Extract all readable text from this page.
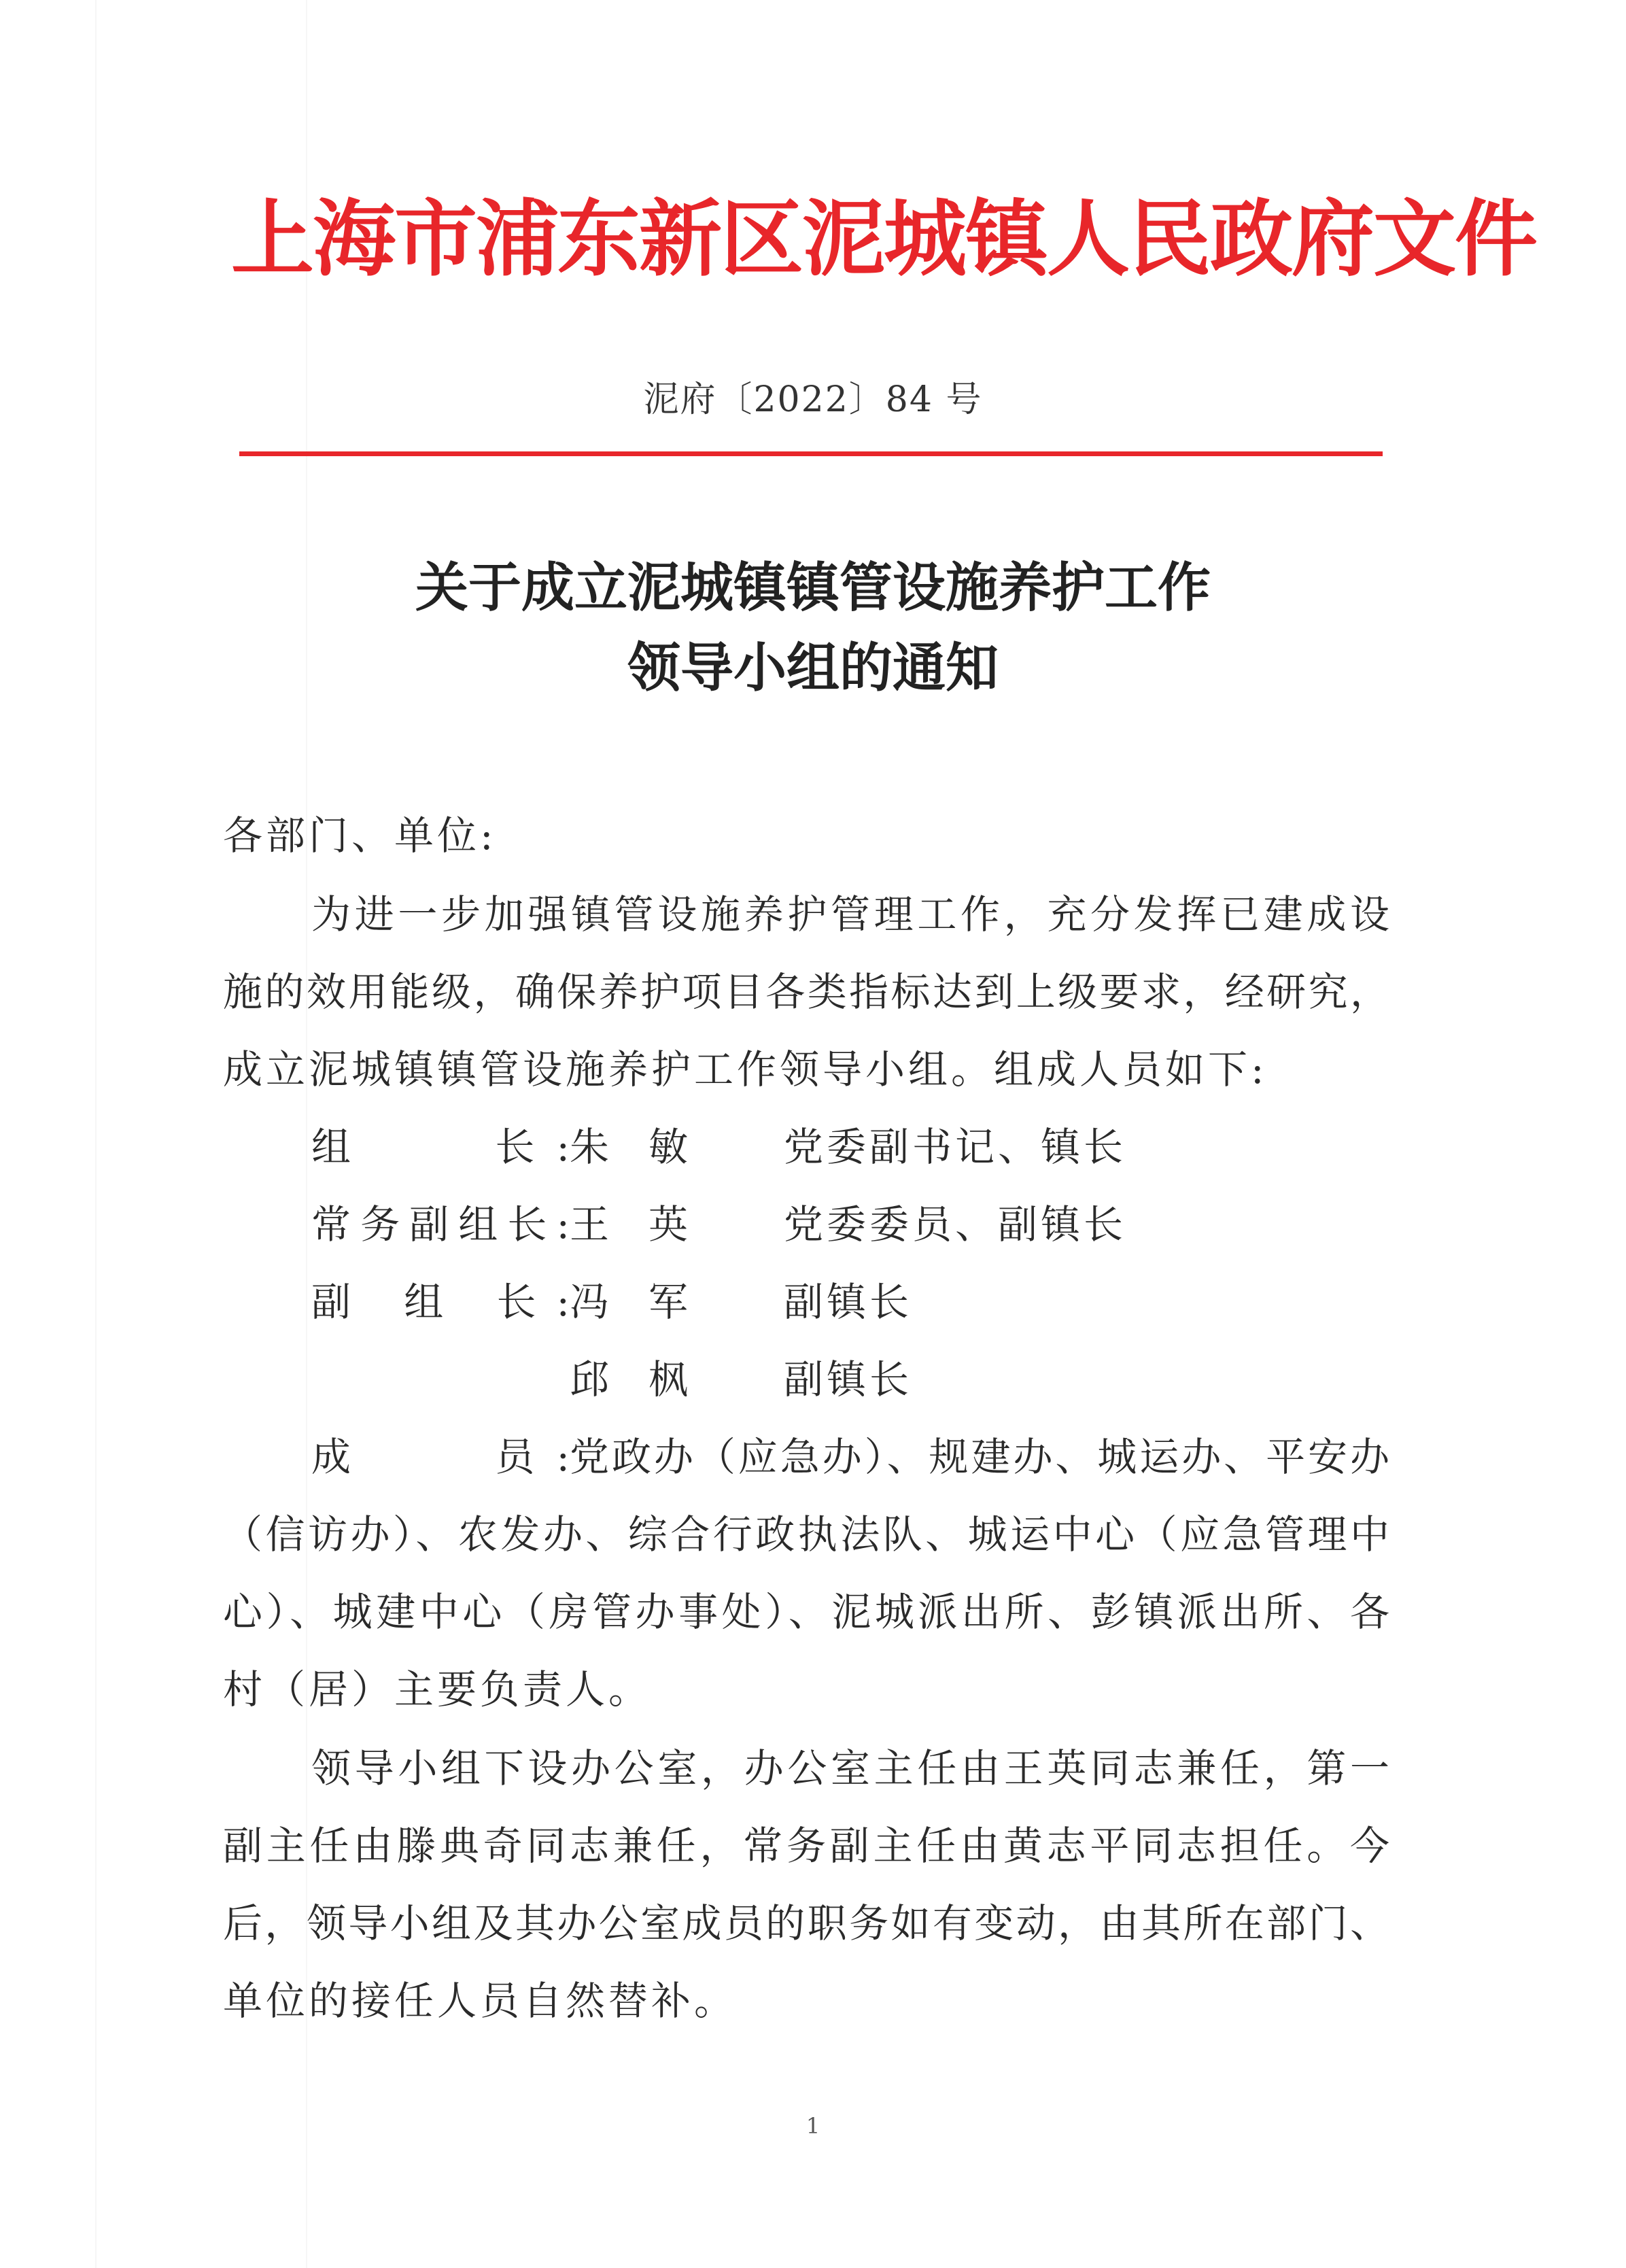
上海市浦东新区泥城镇人民政府文件
泥府〔2022〕84 号
关于成立泥城镇镇管设施养护工作
领导小组的通知
各部门、单位:
为进一步加强镇管设施养护管理工作，充分发挥已建成设
施的效用能级，确保养护项目各类指标达到上级要求，经研究，
成立泥城镇镇管设施养护工作领导小组。组成人员如下:
组　　长: 朱　敏 党委副书记、镇长
常务副组长: 王　英 党委委员、副镇长
副 组 长: 冯　军 副镇长
邱　枫 副镇长
成　　员: 党政办（应急办）、规建办、城运办、平安办
（信访办）、农发办、综合行政执法队、城运中心（应急管理中
心）、城建中心（房管办事处）、泥城派出所、彭镇派出所、各
村（居）主要负责人。
领导小组下设办公室，办公室主任由王英同志兼任，第一
副主任由滕典奇同志兼任，常务副主任由黄志平同志担任。今
后，领导小组及其办公室成员的职务如有变动，由其所在部门、
单位的接任人员自然替补。
1
